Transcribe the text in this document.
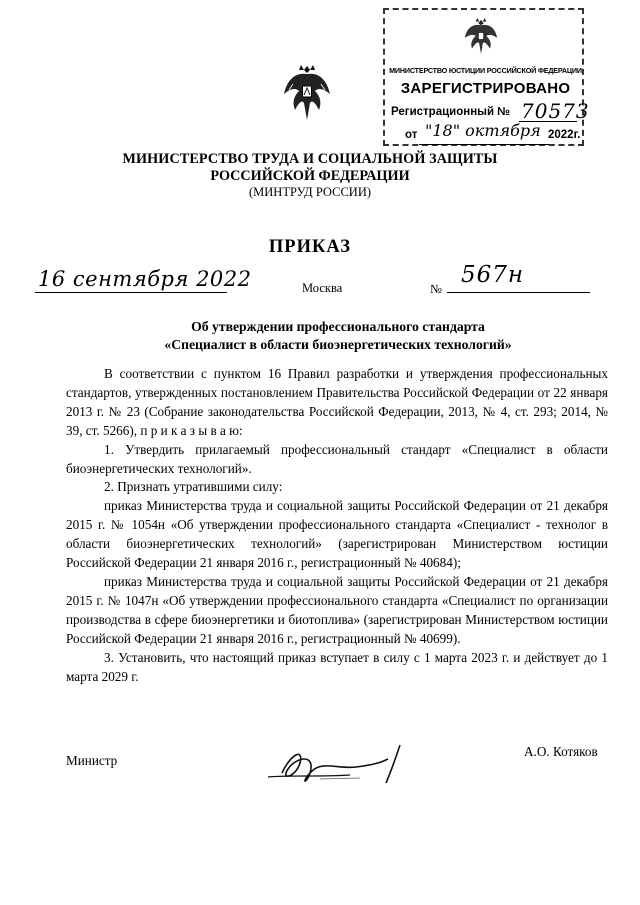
МИНИСТЕРСТВО ЮСТИЦИИ РОССИЙСКОЙ ФЕДЕРАЦИИ
ЗАРЕГИСТРИРОВАНО
Регистрационный № 70573
от "18" октября 2022г.
МИНИСТЕРСТВО ТРУДА И СОЦИАЛЬНОЙ ЗАЩИТЫ
РОССИЙСКОЙ ФЕДЕРАЦИИ
(МИНТРУД РОССИИ)
ПРИКАЗ
16 сентября 2022	Москва	№
567н
Об утверждении профессионального стандарта
«Специалист в области биоэнергетических технологий»

В соответствии с пунктом 16 Правил разработки и утверждения профессиональных стандартов, утвержденных постановлением Правительства Российской Федерации от 22 января 2013 г. № 23 (Собрание законодательства Российской Федерации, 2013, № 4, ст. 293; 2014, № 39, ст. 5266), п р и к а з ы в а ю:

1. Утвердить прилагаемый профессиональный стандарт «Специалист в области биоэнергетических технологий».

2. Признать утратившими силу:

приказ Министерства труда и социальной защиты Российской Федерации от 21 декабря 2015 г. № 1054н «Об утверждении профессионального стандарта «Специалист - технолог в области биоэнергетических технологий» (зарегистрирован Министерством юстиции Российской Федерации 21 января 2016 г., регистрационный № 40684);

приказ Министерства труда и социальной защиты Российской Федерации от 21 декабря 2015 г. № 1047н «Об утверждении профессионального стандарта «Специалист по организации производства в сфере биоэнергетики и биотоплива» (зарегистрирован Министерством юстиции Российской Федерации 21 января 2016 г., регистрационный № 40699).

3. Установить, что настоящий приказ вступает в силу с 1 марта 2023 г. и действует до 1 марта 2029 г.

Министр
А.О. Котяков
